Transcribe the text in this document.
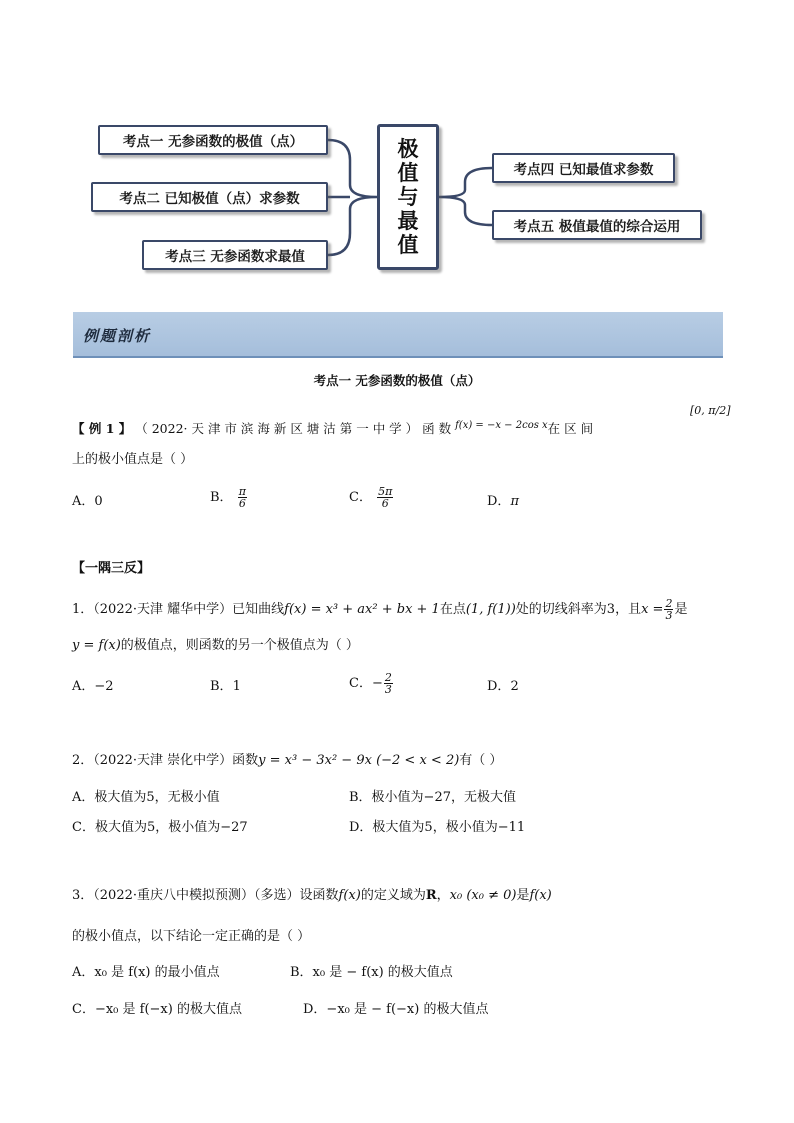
考点一 无参函数的极值（点）
考点二 已知极值（点）求参数
考点三 无参函数求最值
极
值
与
最
值
考点四 已知最值求参数
考点五 极值最值的综合运用
例题剖析
考点一 无参函数的极值（点）
【 例 1 】 （ 2022· 天 津 市 滨 海 新 区 塘 沽 第 一 中 学 ） 函 数 $^{f(x) = -x - 2cos x}$在 区 间
[0, π/2]
上的极小值点是（ ）
A．0	B． $\frac{\pi}{6}$	C． $\frac{5\pi}{6}$	D．π
【一隅三反】
1．（2022·天津 耀华中学）已知曲线f(x) = x³ + ax² + bx + 1在点(1, f(1))处的切线斜率为3，且$x = \frac{2}{3}$ 是
y = f(x)的极值点，则函数的另一个极值点为（ ）
A．−2	B．1	C．− $\frac{2}{3}$	D．2
2．（2022·天津 崇化中学）函数y = x³ − 3x² − 9x (−2 < x < 2)有（ ）
A．极大值为5，无极小值	B．极小值为−27，无极大值
C．极大值为5，极小值为−27	D．极大值为5，极小值为−11
3．（2022·重庆八中模拟预测）（多选）设函数f(x)的定义域为R，x₀ (x₀ ≠ 0)是f(x)
的极小值点，以下结论一定正确的是（ ）
A．x₀ 是 f(x) 的最小值点	B．x₀ 是 − f(x) 的极大值点
C．−x₀ 是 f(−x) 的极大值点	D．−x₀ 是 − f(−x) 的极大值点
